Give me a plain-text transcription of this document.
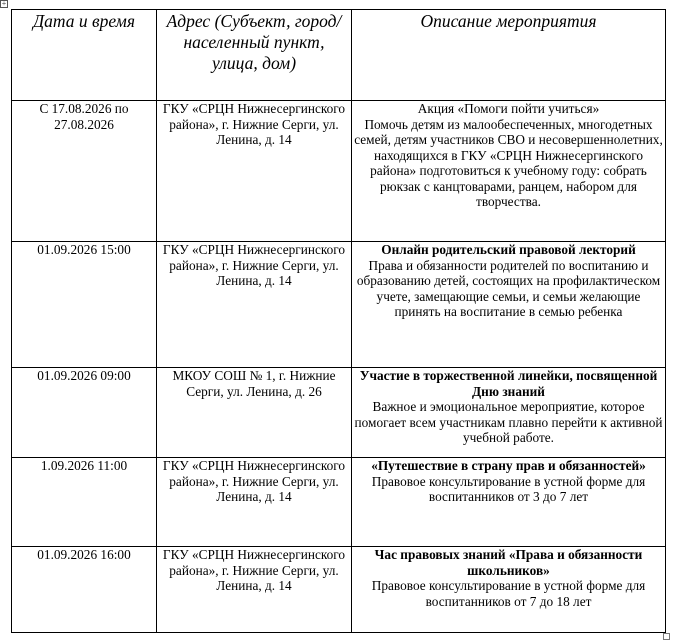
+
Дата и время	Адрес (Субъект, город/населенный пункт, улица, дом)	Описание мероприятия
С 17.08.2026 по 27.08.2026	ГКУ «СРЦН Нижнесергинского района», г. Нижние Серги, ул. Ленина, д. 14	Акция «Помоги пойти учиться»
Помочь детям из малообеспеченных, многодетных семей, детям участников СВО и несовершеннолетних, находящихся в ГКУ «СРЦН Нижнесергинского района» подготовиться к учебному году: собрать рюкзак с канцтоварами, ранцем, набором для творчества.

01.09.2026 15:00	ГКУ «СРЦН Нижнесергинского района», г. Нижние Серги, ул. Ленина, д. 14	Онлайн родительский правовой лекторий
Права и обязанности родителей по воспитанию и образованию детей, состоящих на профилактическом учете, замещающие семьи, и семьи желающие принять на воспитание в семью ребенка

01.09.2026 09:00	МКОУ СОШ № 1, г. Нижние Серги, ул. Ленина, д. 26	Участие в торжественной линейки, посвященной Дню знаний
Важное и эмоциональное мероприятие, которое помогает всем участникам плавно перейти к активной учебной работе.

1.09.2026 11:00	ГКУ «СРЦН Нижнесергинского района», г. Нижние Серги, ул. Ленина, д. 14	«Путешествие в страну прав и обязанностей»
Правовое консультирование в устной форме для воспитанников от 3 до 7 лет

01.09.2026 16:00	ГКУ «СРЦН Нижнесергинского района», г. Нижние Серги, ул. Ленина, д. 14	Час правовых знаний «Права и обязанности школьников»
Правовое консультирование в устной форме для воспитанников от 7 до 18 лет
